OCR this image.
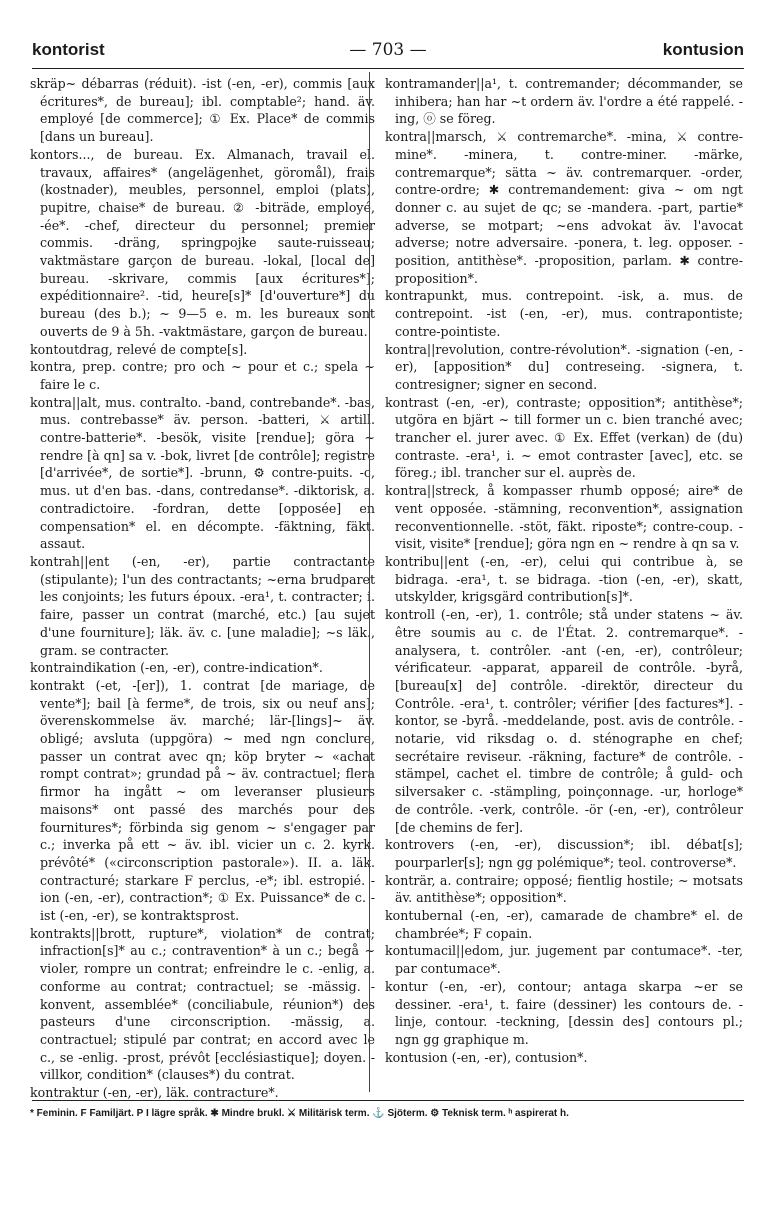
kontorist	— 703 —	kontusion

skräp~ débarras (réduit). -ist (-en, -er), commis [aux écritures*, de bureau]; ibl. comptable²; hand. äv. employé [de commerce]; ① Ex. Place* de commis [dans un bureau].

kontors..., de bureau. Ex. Almanach, travail el. travaux, affaires* (angelägenhet, göromål), frais (kostnader), meubles, personnel, emploi (plats), pupitre, chaise* de bureau. ② -biträde, employé, -ée*. -chef, directeur du personnel; premier commis. -dräng, springpojke saute-ruisseau; vaktmästare garçon de bureau. -lokal, [local de] bureau. -skrivare, commis [aux écritures*]; expéditionnaire². -tid, heure[s]* [d'ouverture*] du bureau (des b.); ~ 9—5 e. m. les bureaux sont ouverts de 9 à 5h. -vaktmästare, garçon de bureau.

kontoutdrag, relevé de compte[s].

kontra, prep. contre; pro och ~ pour et c.; spela ~ faire le c.

kontra||alt, mus. contralto. -band, contrebande*. -bas, mus. contrebasse* äv. person. -batteri, ⚔ artill. contre-batterie*. -besök, visite [rendue]; göra ~ rendre [à qn] sa v. -bok, livret [de contrôle]; registre [d'arrivée*, de sortie*]. -brunn, ⚙ contre-puits. -c, mus. ut d'en bas. -dans, contredanse*. -diktorisk, a. contradictoire. -fordran, dette [opposée] en compensation* el. en décompte. -fäktning, fäkt. assaut.

kontrah||ent (-en, -er), partie contractante (stipulante); l'un des contractants; ~erna brudparet les conjoints; les futurs époux. -era¹, t. contracter; i. faire, passer un contrat (marché, etc.) [au sujet d'une fourniture]; läk. äv. c. [une maladie]; ~s läk., gram. se contracter.

kontraindikation (-en, -er), contre-indication*.

kontrakt (-et, -[er]), 1. contrat [de mariage, de vente*]; bail [à ferme*, de trois, six ou neuf ans]; överenskommelse äv. marché; lär-[lings]~ äv. obligé; avsluta (uppgöra) ~ med ngn conclure, passer un contrat avec qn; köp bryter ~ «achat rompt contrat»; grundad på ~ äv. contractuel; flera firmor ha ingått ~ om leveranser plusieurs maisons* ont passé des marchés pour des fournitures*; förbinda sig genom ~ s'engager par c.; inverka på ett ~ äv. ibl. vicier un c. 2. kyrk. prévôté* («circonscription pastorale»). II. a. läk. contracturé; starkare F perclus, -e*; ibl. estropié. -ion (-en, -er), contraction*; ① Ex. Puissance* de c. -ist (-en, -er), se kontraktsprost.

kontrakts||brott, rupture*, violation* de contrat; infraction[s]* au c.; contravention* à un c.; begå ~ violer, rompre un contrat; enfreindre le c. -enlig, a. conforme au contrat; contractuel; se -mässig. -konvent, assemblée* (conciliabule, réunion*) des pasteurs d'une circonscription. -mässig, a. contractuel; stipulé par contrat; en accord avec le c., se -enlig. -prost, prévôt [ecclésiastique]; doyen. -villkor, condition* (clauses*) du contrat.

kontraktur (-en, -er), läk. contracture*.

kontramander||a¹, t. contremander; décommander, se inhibera; han har ~t ordern äv. l'ordre a été rappelé. -ing, ⓞ se föreg.

kontra||marsch, ⚔ contremarche*. -mina, ⚔ contre-mine*. -minera, t. contre-miner. -märke, contremarque*; sätta ~ äv. contremarquer. -order, contre-ordre; ✱ contremandement: giva ~ om ngt donner c. au sujet de qc; se -mandera. -part, partie* adverse, se motpart; ~ens advokat äv. l'avocat adverse; notre adversaire. -ponera, t. leg. opposer. -position, antithèse*. -proposition, parlam. ✱ contre-proposition*.

kontrapunkt, mus. contrepoint. -isk, a. mus. de contrepoint. -ist (-en, -er), mus. contrapontiste; contre-pointiste.

kontra||revolution, contre-révolution*. -signation (-en, -er), [apposition* du] contreseing. -signera, t. contresigner; signer en second.

kontrast (-en, -er), contraste; opposition*; antithèse*; utgöra en bjärt ~ till former un c. bien tranché avec; trancher el. jurer avec. ① Ex. Effet (verkan) de (du) contraste. -era¹, i. ~ emot contraster [avec], etc. se föreg.; ibl. trancher sur el. auprès de.

kontra||streck, å kompasser rhumb opposé; aire* de vent opposée. -stämning, reconvention*, assignation reconventionnelle. -stöt, fäkt. riposte*; contre-coup. -visit, visite* [rendue]; göra ngn en ~ rendre à qn sa v.

kontribu||ent (-en, -er), celui qui contribue à, se bidraga. -era¹, t. se bidraga. -tion (-en, -er), skatt, utskylder, krigsgärd contribution[s]*.

kontroll (-en, -er), 1. contrôle; stå under statens ~ äv. être soumis au c. de l'État. 2. contremarque*. -analysera, t. contrôler. -ant (-en, -er), contrôleur; vérificateur. -apparat, appareil de contrôle. -byrå, [bureau[x] de] contrôle. -direktör, directeur du Contrôle. -era¹, t. contrôler; vérifier [des factures*]. -kontor, se -byrå. -meddelande, post. avis de contrôle. -notarie, vid riksdag o. d. sténographe en chef; secrétaire reviseur. -räkning, facture* de contrôle. -stämpel, cachet el. timbre de contrôle; å guld- och silversaker c. -stämpling, poinçonnage. -ur, horloge* de contrôle. -verk, contrôle. -ör (-en, -er), contrôleur [de chemins de fer].

kontrovers (-en, -er), discussion*; ibl. débat[s]; pourparler[s]; ngn gg polémique*; teol. controverse*.

konträr, a. contraire; opposé; fientlig hostile; ~ motsats äv. antithèse*; opposition*.

kontubernal (-en, -er), camarade de chambre* el. de chambrée*; F copain.

kontumacil||edom, jur. jugement par contumace*. -ter, par contumace*.

kontur (-en, -er), contour; antaga skarpa ~er se dessiner. -era¹, t. faire (dessiner) les contours de. -linje, contour. -teckning, [dessin des] contours pl.; ngn gg graphique m.

kontusion (-en, -er), contusion*.

* Feminin. F Familjärt. P I lägre språk. ✱ Mindre brukl. ⚔ Militärisk term. ⚓ Sjöterm. ⚙ Teknisk term. ʰ aspirerat h.
